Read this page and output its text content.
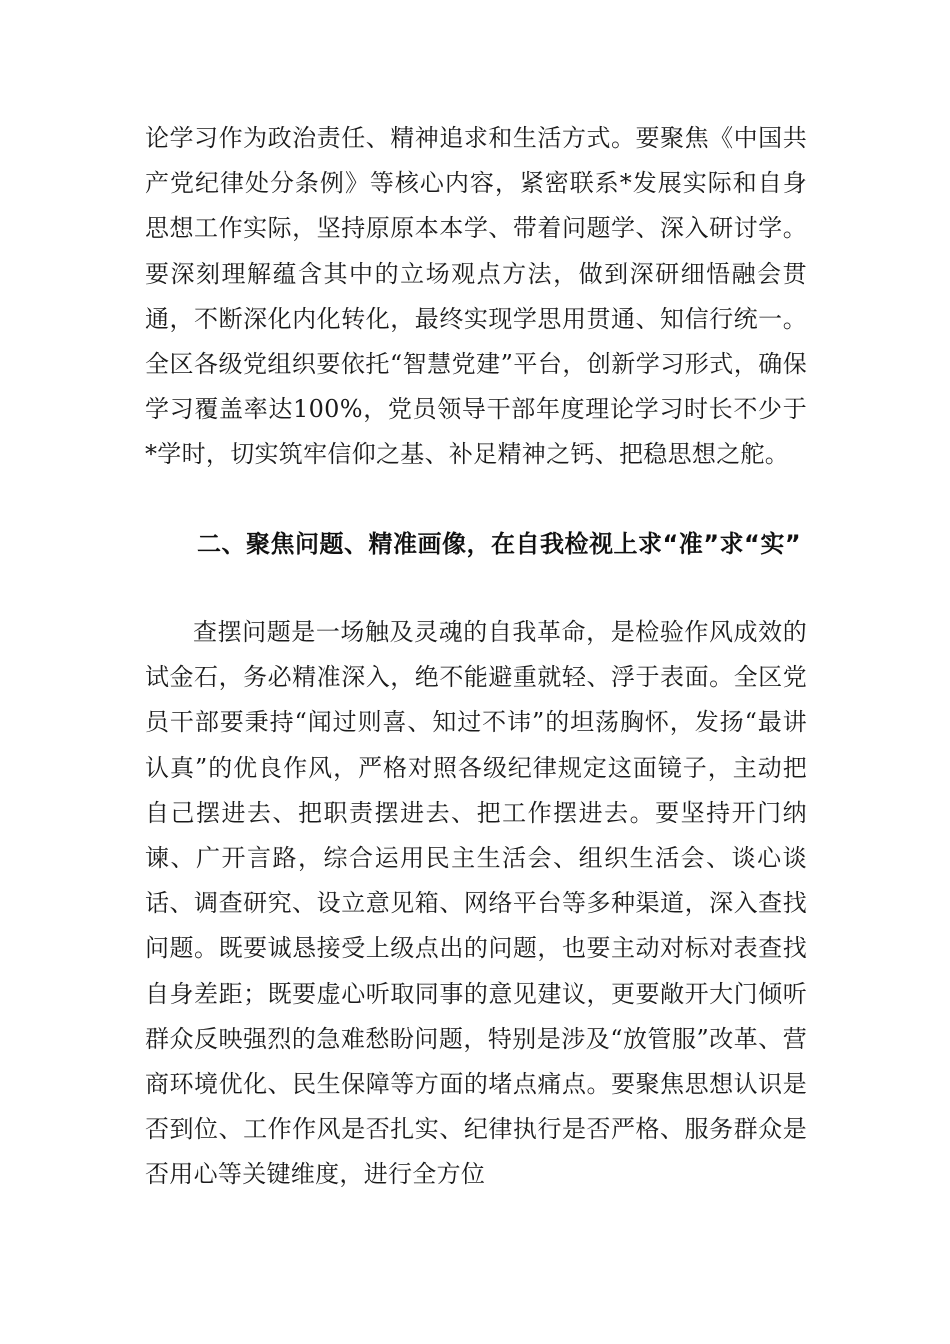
论学习作为政治责任、精神追求和生活方式。要聚焦《中国共产党纪律处分条例》等核心内容，紧密联系*发展实际和自身思想工作实际，坚持原原本本学、带着问题学、深入研讨学。要深刻理解蕴含其中的立场观点方法，做到深研细悟融会贯通，不断深化内化转化，最终实现学思用贯通、知信行统一。全区各级党组织要依托“智慧党建”平台，创新学习形式，确保学习覆盖率达100%，党员领导干部年度理论学习时长不少于*学时，切实筑牢信仰之基、补足精神之钙、把稳思想之舵。

二、聚焦问题、精准画像，在自我检视上求“准”求“实”

查摆问题是一场触及灵魂的自我革命，是检验作风成效的试金石，务必精准深入，绝不能避重就轻、浮于表面。全区党员干部要秉持“闻过则喜、知过不讳”的坦荡胸怀，发扬“最讲认真”的优良作风，严格对照各级纪律规定这面镜子，主动把自己摆进去、把职责摆进去、把工作摆进去。要坚持开门纳谏、广开言路，综合运用民主生活会、组织生活会、谈心谈话、调查研究、设立意见箱、网络平台等多种渠道，深入查找问题。既要诚恳接受上级点出的问题，也要主动对标对表查找自身差距；既要虚心听取同事的意见建议，更要敞开大门倾听群众反映强烈的急难愁盼问题，特别是涉及“放管服”改革、营商环境优化、民生保障等方面的堵点痛点。要聚焦思想认识是否到位、工作作风是否扎实、纪律执行是否严格、服务群众是否用心等关键维度，进行全方位
